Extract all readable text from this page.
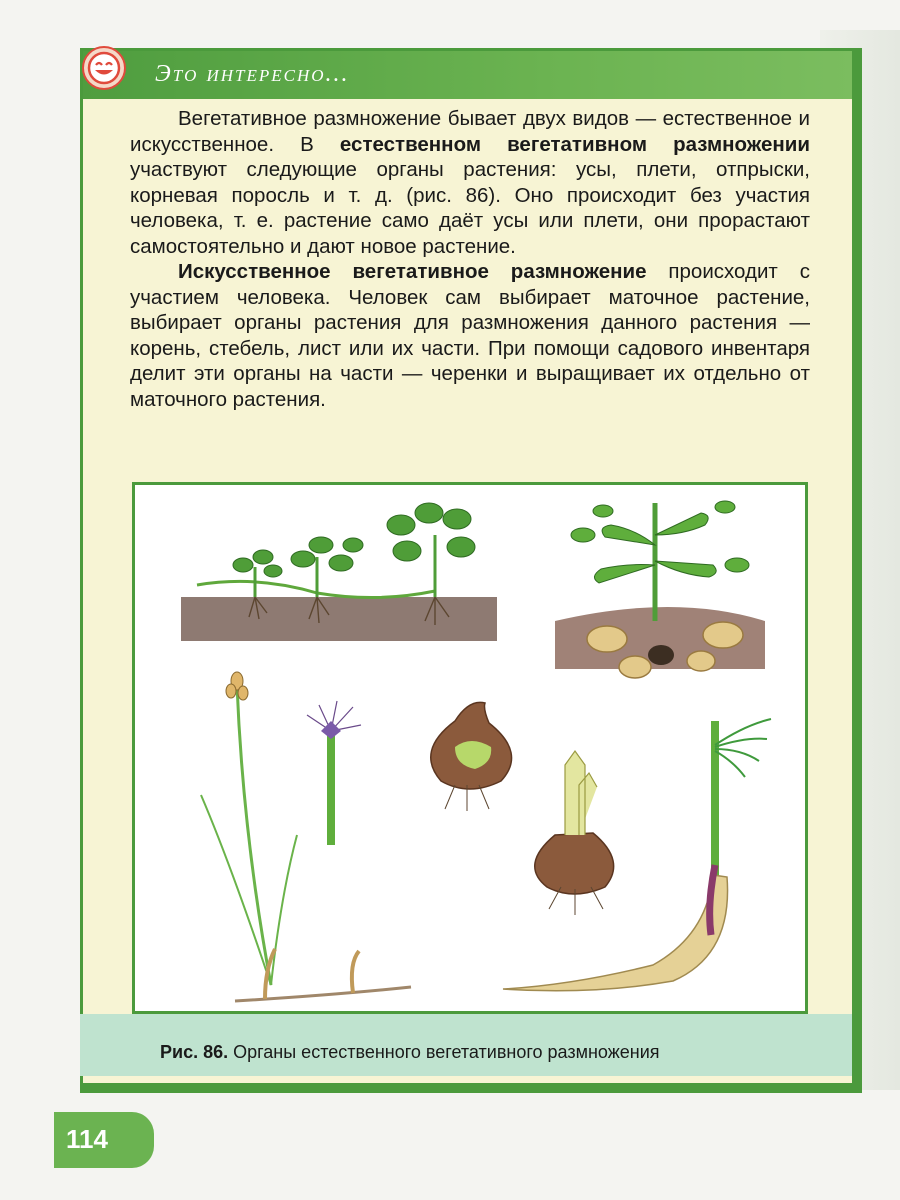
Это интересно...

Вегетативное размножение бывает двух видов — естественное и искусственное. В естественном вегетативном размножении участвуют следующие органы растения: усы, плети, отпрыски, корневая поросль и т. д. (рис. 86). Оно происходит без участия человека, т. е. растение само даёт усы или плети, они прорастают самостоятельно и дают новое растение.

Искусственное вегетативное размножение происходит с участием человека. Человек сам выбирает маточное растение, выбирает органы растения для размножения данного растения — корень, стебель, лист или их части. При помощи садового инвентаря делит эти органы на части — черенки и выращивает их отдельно от маточного растения.

Рис. 86. Органы естественного вегетативного размножения
114
